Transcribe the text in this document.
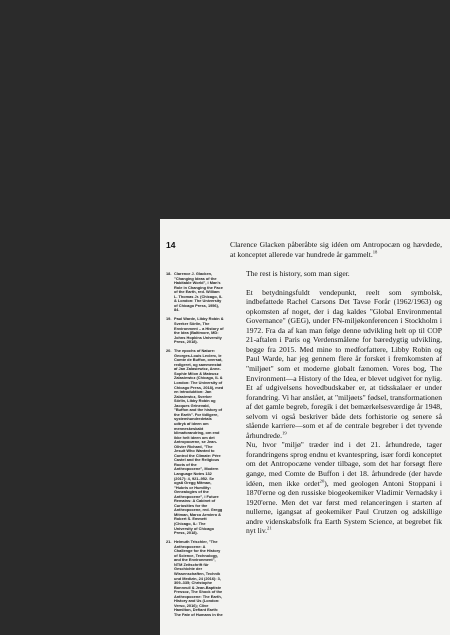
14
18. Clarence J. Glacken, "Changing Ideas of the Habitable World", i Man's Role in Changing the Face of the Earth, red. William L. Thomas Jr. (Chicago, IL & London: The University of Chicago Press, 1956), 84.
19. Paul Warde, Libby Robin & Sverker Sörlin, The Environment – a History of the Idea (Baltimore, MD: Johns Hopkins University Press, 2018).
20. The epochs of Nature: Georges-Louis Leclerc, le Comte de Buffon, oversat, redigeret, og sammenstat af Jan Zalasiewicz, Anne-Sophie Milon & Mateusz Zalasiewicz (Chicago, IL & London: The University of Chicago Press, 2018), med en introduktion: Jan Zalasiewicz, Sverker Sörlin, Libby Robin og Jacques Grinevald, "Buffon and the history of the Earth". For tidligere, systemhundredetals udtryk af ideen om menneskeskabt klimaforandring, om end ikke helt ideen om det Antropocæne, se Jean-Olivier Richard, "The Jesuit Who Wanted to Control the Climate: Pére Castel and the Religious Roots of the Anthropocene", Modern Language Notes 132 (2017): 4, 921–952. Se også Gregg Mitman, "Hubris or Humility: Genealogies of the Anthropocene", i Future Remains: A Cabinet of Curiosities for the Anthropocene, red. Gregg Mitman, Marco Armiero & Robert S. Emmett (Chicago, IL: The University of Chicago Press, 2018).
21. Helmuth Trischler, "The Anthropocene: A Challenge for the History of Science, Technology, and the Environment", NTM Zeitschrift für Geschichte der Wissenschaften, Technik und Medizin, 24 (2016): 3, 309–335; Christophe Bonneuil & Jean-Baptiste Fressoz, The Shock of the Anthropocene: The Earth, History and Us (London: Verso, 2016); Clive Hamilton, Defiant Earth: The Fate of Humans in the

Clarence Glacken påberåbte sig idéen om Antropocæn og hævdede, at konceptet allerede var hundrede år gammelt.$^{18}$

The rest is history, som man siger.

Et betydningsfuldt vendepunkt, reelt som symbolsk, indbefattede Rachel Carsons Det Tavse Forår (1962/1963) og opkomsten af noget, der i dag kaldes "Global Environmental Governance" (GEG), under FN-miljøkonferencen i Stockholm i 1972. Fra da af kan man følge denne udvikling helt op til COP 21-aftalen i Paris og Verdensmålene for bæredygtig udvikling, begge fra 2015. Med mine to medforfattere, Libby Robin og Paul Warde, har jeg gennem flere år forsket i fremkomsten af "miljøet" som et moderne globalt fænomen. Vores bog, The Environment—a History of the Idea, er blevet udgivet for nylig. Et af udgivelsens hovedbudskaber er, at tidsskalaer er under forandring. Vi har anslået, at "miljøets" fødsel, transformationen af det gamle begreb, foregik i det bemærkelsesværdige år 1948, selvom vi også beskriver både dets forhistorie og senere så slående karriere—som et af de centrale begreber i det tyvende århundrede.$^{19}$

Nu, hvor "miljø" træder ind i det 21. århundrede, tager forandringens sprog endnu et kvantespring, især fordi konceptet om det Antropocæne vender tilbage, som det har forsøgt flere gange, med Comte de Buffon i det 18. århundrede (der havde idéen, men ikke ordet$^{20}$), med geologen Antoni Stoppani i 1870'erne og den russiske biogeokemiker Vladimir Vernadsky i 1920'erne. Men det var først med relanceringen i starten af nullerne, igangsat af geokemiker Paul Crutzen og adskillige andre videnskabsfolk fra Earth System Science, at begrebet fik nyt liv.$^{21}$
